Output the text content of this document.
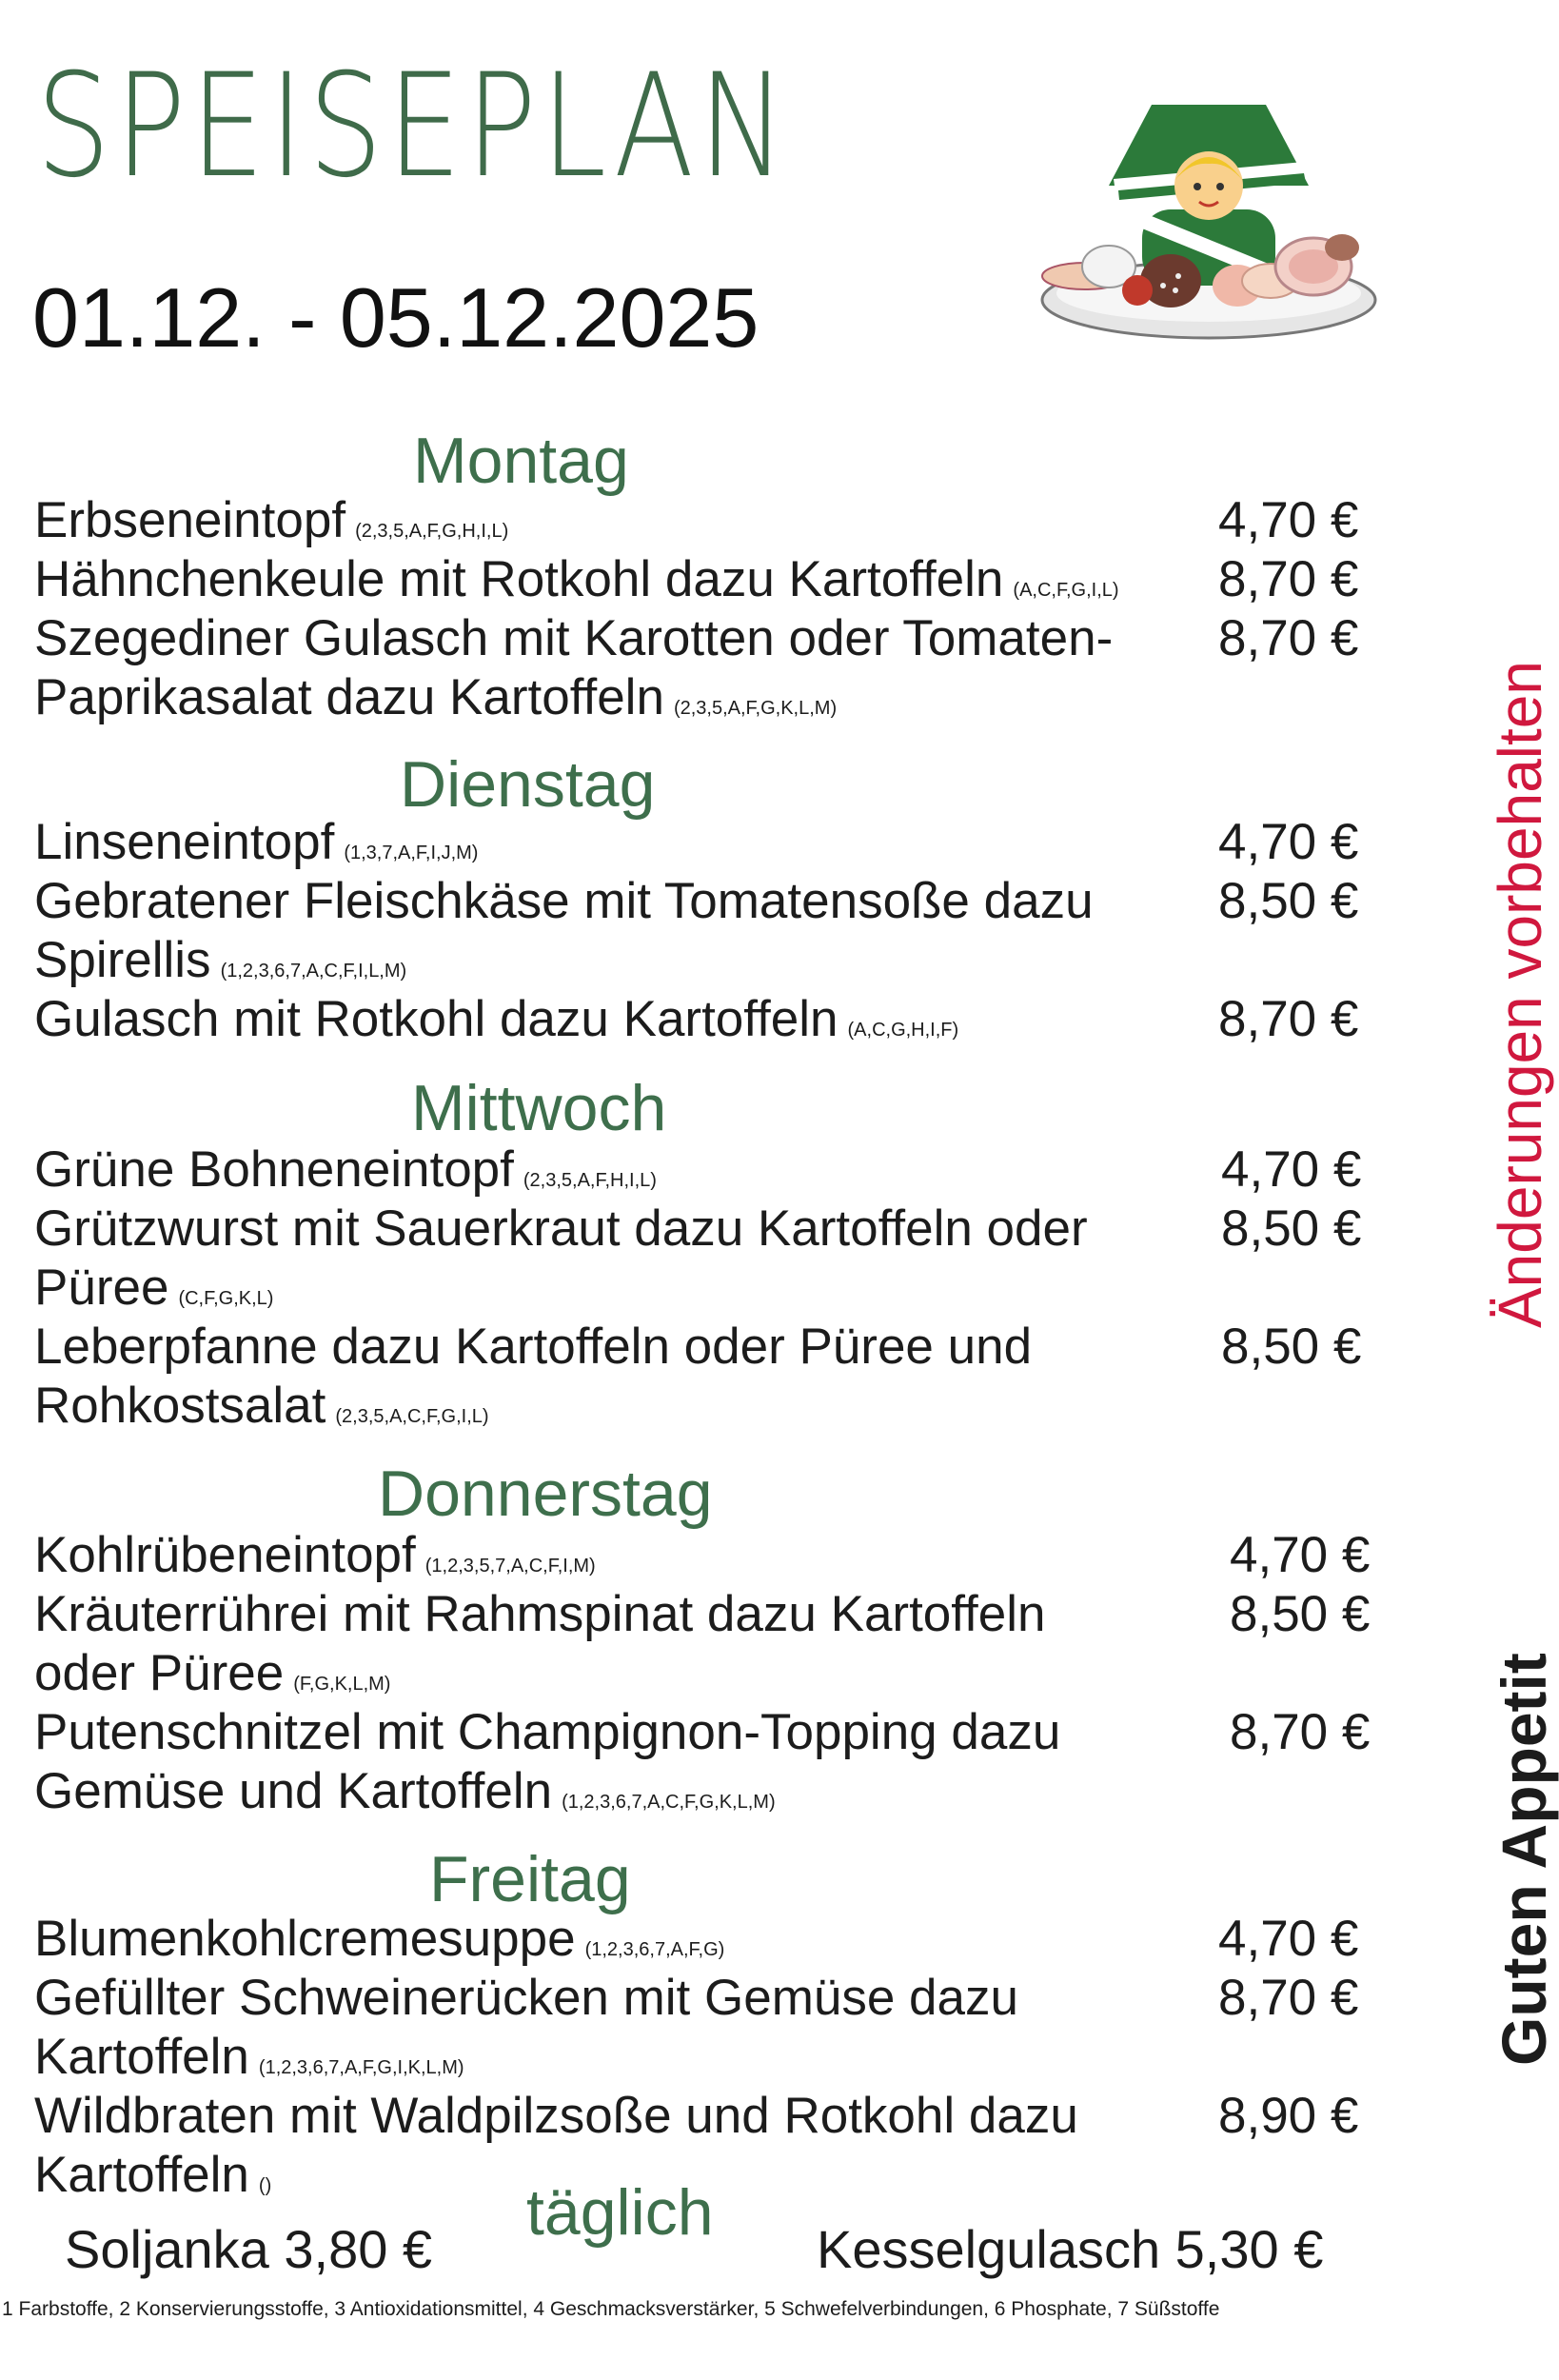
SPEISEPLAN
01.12. - 05.12.2025
Montag
4,70 €
Erbseneintopf (2,3,5,A,F,G,H,I,L)
8,70 €
Hähnchenkeule mit Rotkohl dazu Kartoffeln (A,C,F,G,I,L)
8,70 €
Szegediner Gulasch mit Karotten oder Tomaten-
Paprikasalat dazu Kartoffeln (2,3,5,A,F,G,K,L,M)
Dienstag
4,70 €
Linseneintopf (1,3,7,A,F,I,J,M)
8,50 €
Gebratener Fleischkäse mit Tomatensoße dazu
Spirellis (1,2,3,6,7,A,C,F,I,L,M)
8,70 €
Gulasch mit Rotkohl dazu Kartoffeln (A,C,G,H,I,F)
Mittwoch
4,70 €
Grüne Bohneneintopf (2,3,5,A,F,H,I,L)
8,50 €
Grützwurst mit Sauerkraut dazu Kartoffeln oder
Püree (C,F,G,K,L)
8,50 €
Leberpfanne dazu Kartoffeln oder Püree und
Rohkostsalat (2,3,5,A,C,F,G,I,L)
Donnerstag
4,70 €
Kohlrübeneintopf (1,2,3,5,7,A,C,F,I,M)
8,50 €
Kräuterrührei mit Rahmspinat dazu Kartoffeln
oder Püree (F,G,K,L,M)
8,70 €
Putenschnitzel mit Champignon-Topping dazu
Gemüse und Kartoffeln (1,2,3,6,7,A,C,F,G,K,L,M)
Freitag
4,70 €
Blumenkohlcremesuppe (1,2,3,6,7,A,F,G)
8,70 €
Gefüllter Schweinerücken mit Gemüse dazu
Kartoffeln (1,2,3,6,7,A,F,G,I,K,L,M)
8,90 €
Wildbraten mit Waldpilzsoße und Rotkohl dazu
Kartoffeln ()
Änderungen vorbehalten
Guten Appetit
täglich
Soljanka 3,80 €	Kesselgulasch 5,30 €
1 Farbstoffe, 2 Konservierungsstoffe, 3 Antioxidationsmittel, 4 Geschmacksverstärker, 5 Schwefelverbindungen, 6 Phosphate, 7 Süßstoffe
